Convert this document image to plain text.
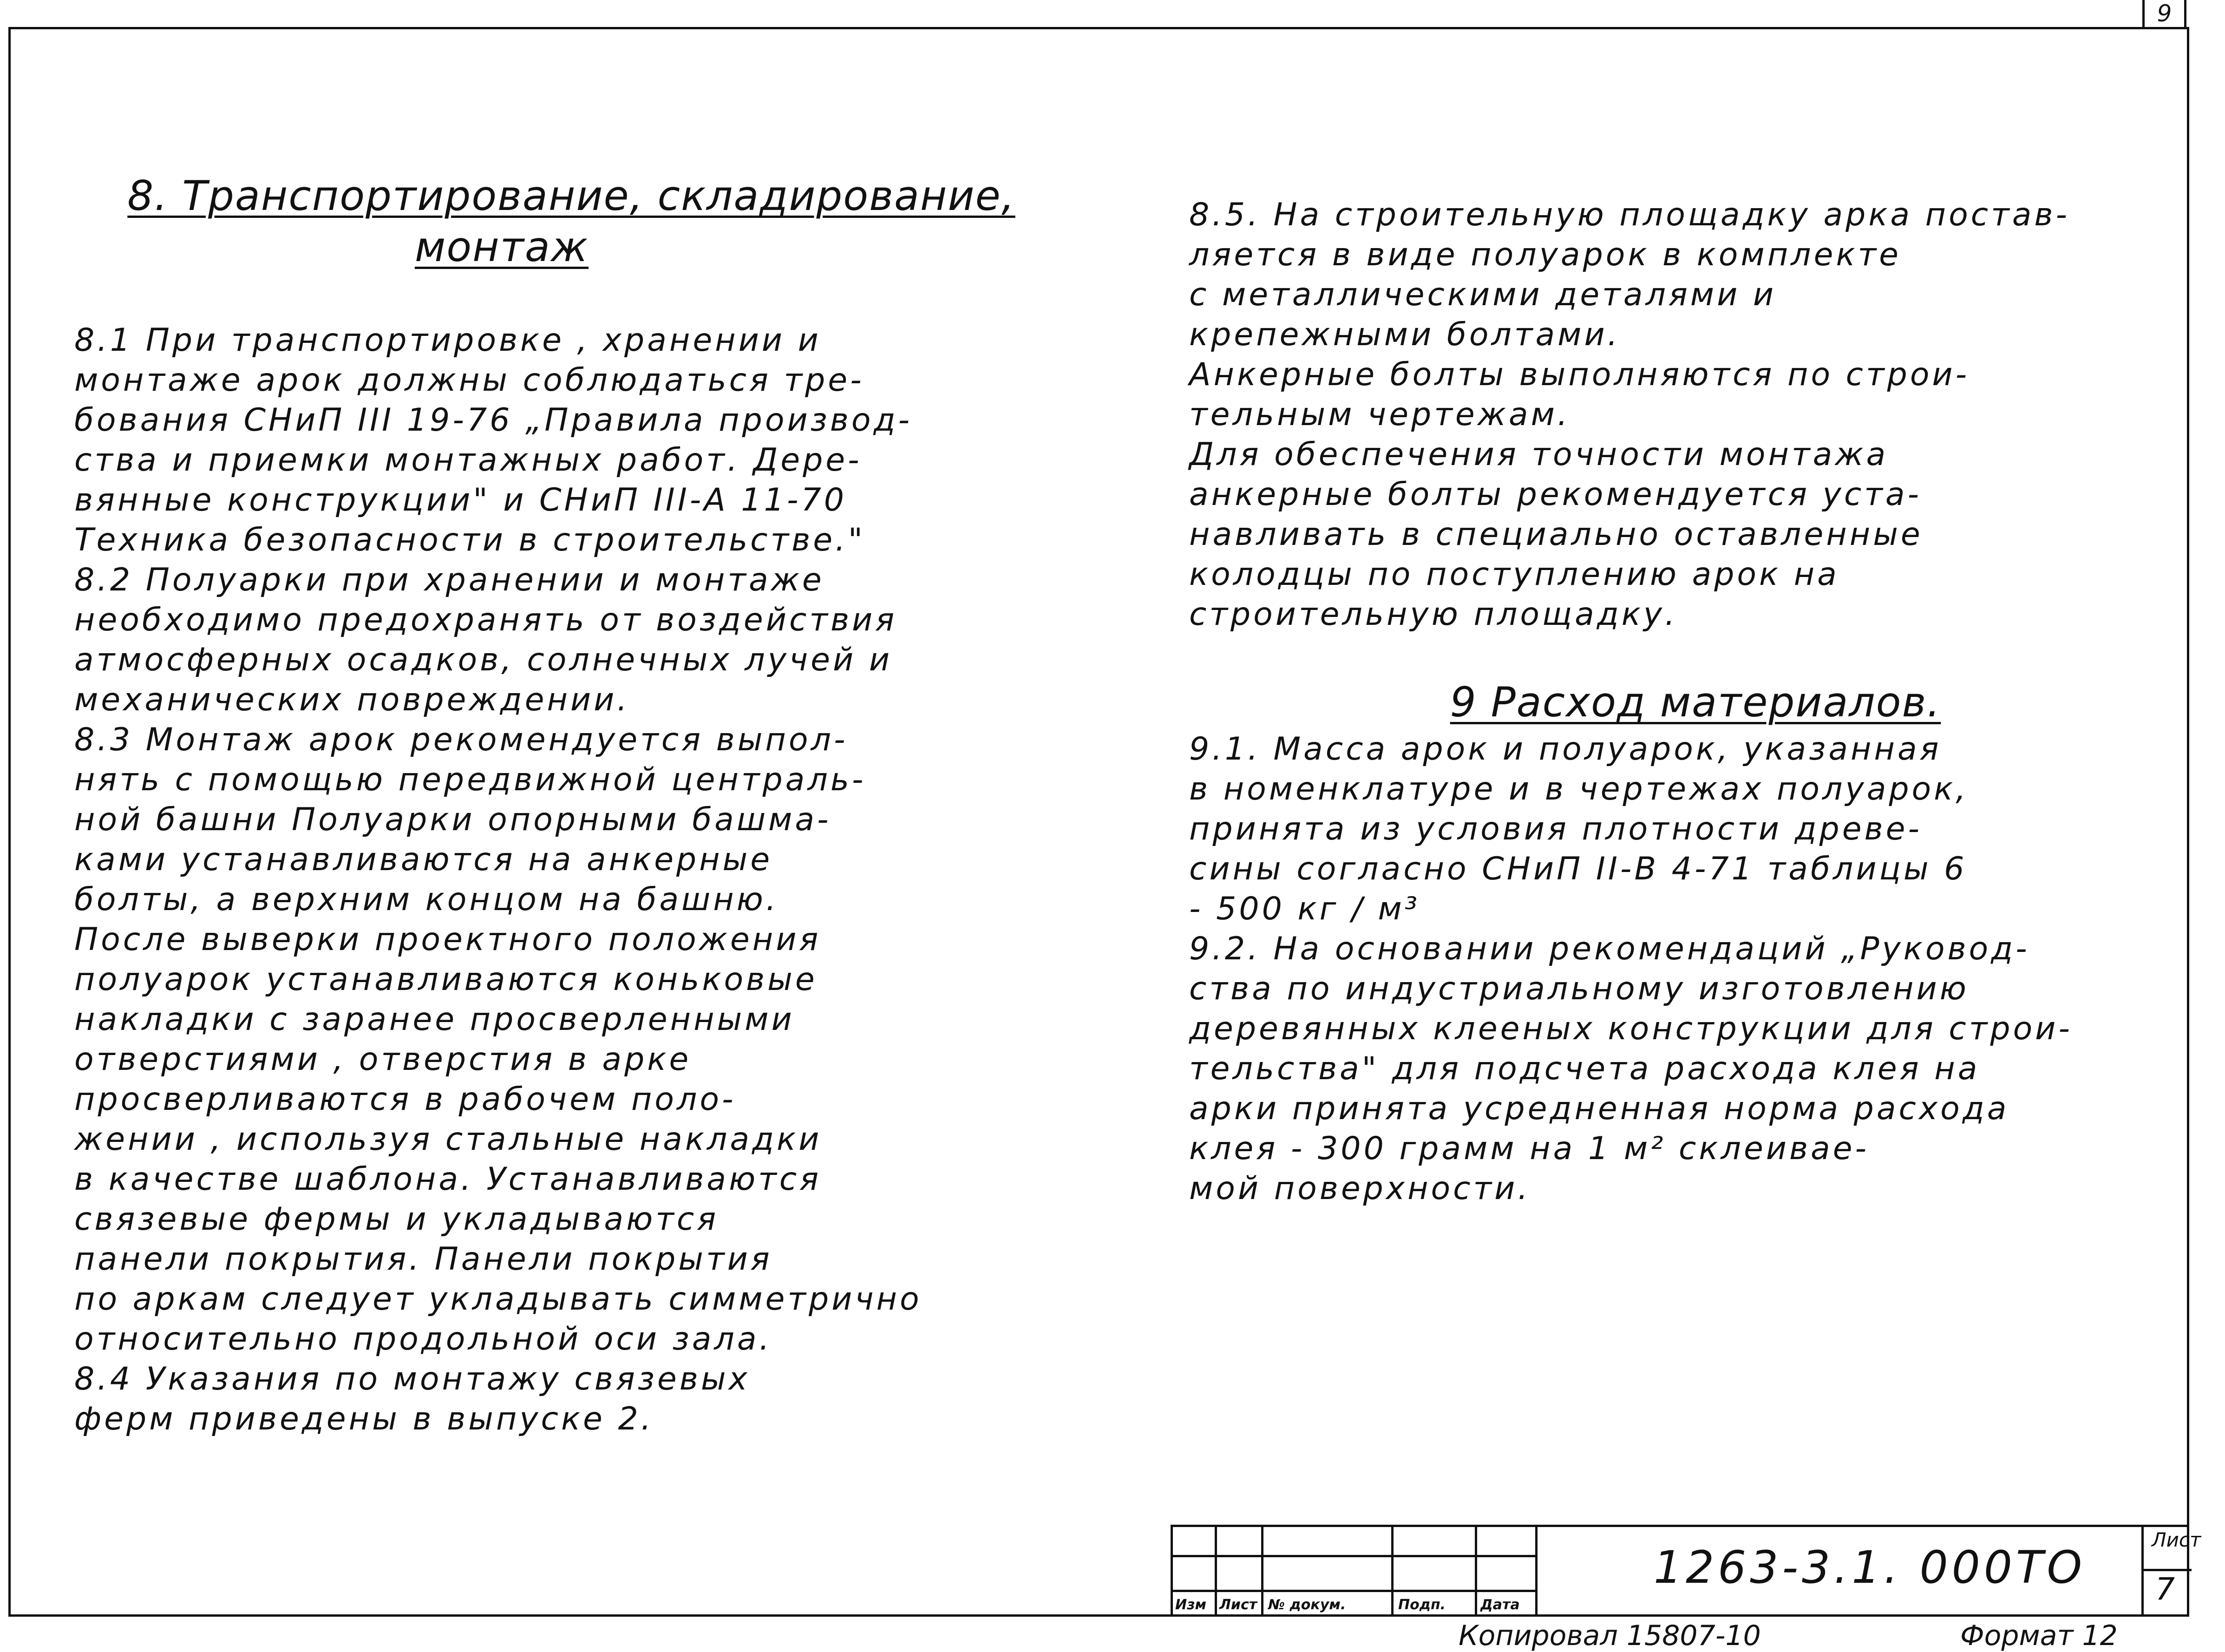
9
8. Транспортирование, складирование,
монтаж

8.1 При транспортировке , хранении и

монтаже арок должны соблюдаться тре-

бования СНиП III 19-76 „Правила производ-

ства и приемки монтажных работ. Дере-

вянные конструкции" и СНиП III-А 11-70

Техника безопасности в строительстве."

8.2 Полуарки при хранении и монтаже

необходимо предохранять от воздействия

атмосферных осадков, солнечных лучей и

механических повреждении.

8.3 Монтаж арок рекомендуется выпол-

нять с помощью передвижной централь-

ной башни Полуарки опорными башма-

ками устанавливаются на анкерные

болты, а верхним концом на башню.

После выверки проектного положения

полуарок устанавливаются коньковые

накладки с заранее просверленными

отверстиями , отверстия в арке

просверливаются в рабочем поло-

жении , используя стальные накладки

в качестве шаблона. Устанавливаются

связевые фермы и укладываются

панели покрытия. Панели покрытия

по аркам следует укладывать симметрично

относительно продольной оси зала.

8.4 Указания по монтажу связевых

ферм приведены в выпуске 2.

8.5. На строительную площадку арка постав-

ляется в виде полуарок в комплекте

с металлическими деталями и

крепежными болтами.

Анкерные болты выполняются по строи-

тельным чертежам.

Для обеспечения точности монтажа

анкерные болты рекомендуется уста-

навливать в специально оставленные

колодцы по поступлению арок на

строительную площадку.

9 Расход материалов.

9.1. Масса арок и полуарок, указанная

в номенклатуре и в чертежах полуарок,

принята из условия плотности древе-

сины согласно СНиП II-В 4-71 таблицы 6

- 500 кг / м³

9.2. На основании рекомендаций „Руковод-

ства по индустриальному изготовлению

деревянных клееных конструкции для строи-

тельства" для подсчета расхода клея на

арки принята усредненная норма расхода

клея - 300 грамм на 1 м² склеивае-

мой поверхности.

Изм Лист № докум.	Подп. Дата
1263-3.1. 000ТО
Лист
7
Копировал 15807-10	Формат 12
